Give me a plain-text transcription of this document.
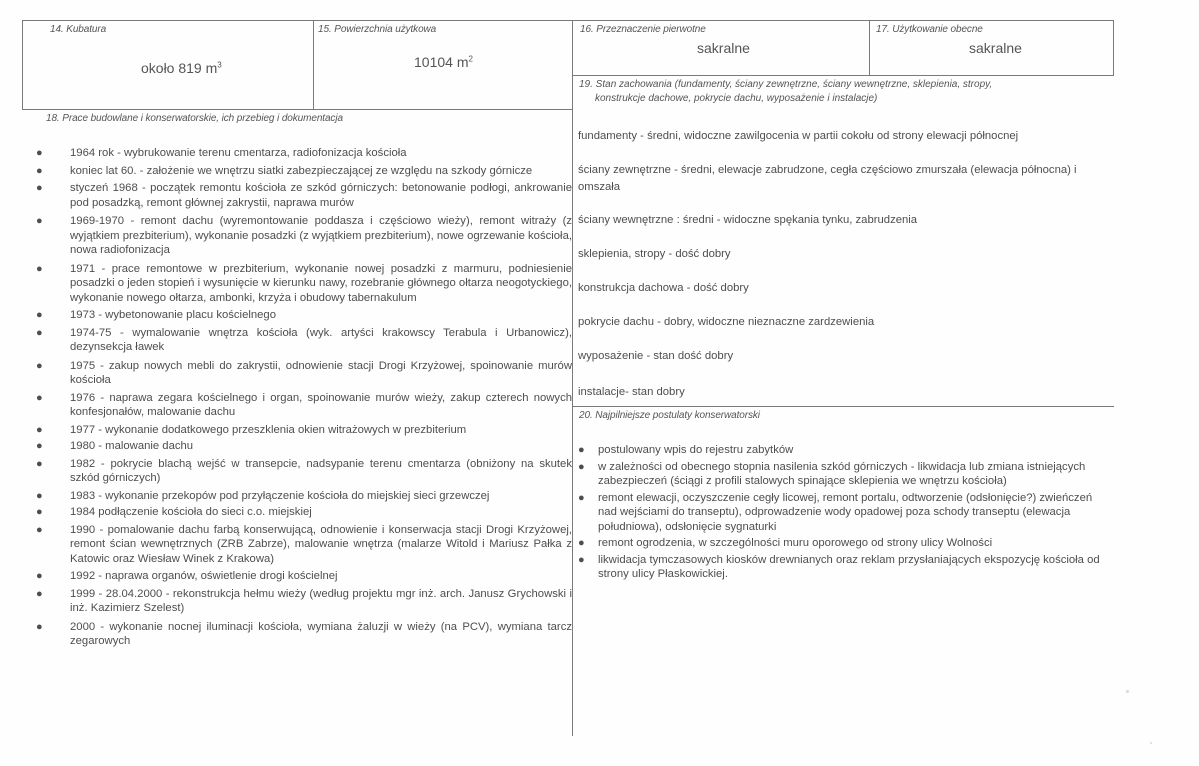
14. Kubatura
około 819 $m^3$
15. Powierzchnia użytkowa
10104 $m^2$
16. Przeznaczenie pierwotne
sakralne
17. Użytkowanie obecne
sakralne
18. Prace budowlane i konserwatorskie, ich przebieg i dokumentacja
● 1964 rok - wybrukowanie terenu cmentarza, radiofonizacja kościoła
● koniec lat 60. - założenie we wnętrzu siatki zabezpieczającej ze względu na szkody górnicze
● styczeń 1968 - początek remontu kościoła ze szkód górniczych: betonowanie podłogi, ankrowanie pod posadzką, remont głównej zakrystii, naprawa murów
● 1969-1970 - remont dachu (wyremontowanie poddasza i częściowo wieży), remont witraży (z wyjątkiem prezbiterium), wykonanie posadzki (z wyjątkiem prezbiterium), nowe ogrzewanie kościoła, nowa radiofonizacja
● 1971 - prace remontowe w prezbiterium, wykonanie nowej posadzki z marmuru, podniesienie posadzki o jeden stopień i wysunięcie w kierunku nawy, rozebranie głównego ołtarza neogotyckiego, wykonanie nowego ołtarza, ambonki, krzyża i obudowy tabernakulum
● 1973 - wybetonowanie placu kościelnego
● 1974-75 - wymalowanie wnętrza kościoła (wyk. artyści krakowscy Terabula i Urbanowicz), dezynsekcja ławek
● 1975 - zakup nowych mebli do zakrystii, odnowienie stacji Drogi Krzyżowej, spoinowanie murów kościoła
● 1976 - naprawa zegara kościelnego i organ, spoinowanie murów wieży, zakup czterech nowych konfesjonałów, malowanie dachu
● 1977 - wykonanie dodatkowego przeszklenia okien witrażowych w prezbiterium
● 1980 - malowanie dachu
● 1982 - pokrycie blachą wejść w transepcie, nadsypanie terenu cmentarza (obniżony na skutek szkód górniczych)
● 1983 - wykonanie przekopów pod przyłączenie kościoła do miejskiej sieci grzewczej
● 1984 podłączenie kościoła do sieci c.o. miejskiej
● 1990 - pomalowanie dachu farbą konserwującą, odnowienie i konserwacja stacji Drogi Krzyżowej, remont ścian wewnętrznych (ZRB Zabrze), malowanie wnętrza (malarze Witold i Mariusz Pałka z Katowic oraz Wiesław Winek z Krakowa)
● 1992 - naprawa organów, oświetlenie drogi kościelnej
● 1999 - 28.04.2000 - rekonstrukcja hełmu wieży (według projektu mgr inż. arch. Janusz Grychowski i inż. Kazimierz Szelest)
● 2000 - wykonanie nocnej iluminacji kościoła, wymiana żaluzji w wieży (na PCV), wymiana tarcz zegarowych
19. Stan zachowania (fundamenty, ściany zewnętrzne, ściany wewnętrzne, sklepienia, stropy,
konstrukcje dachowe, pokrycie dachu, wyposażenie i instalacje)
fundamenty - średni, widoczne zawilgocenia w partii cokołu od strony elewacji północnej
ściany zewnętrzne - średni, elewacje zabrudzone, cegła częściowo zmurszała (elewacja północna) i omszała
ściany wewnętrzne : średni - widoczne spękania tynku, zabrudzenia
sklepienia, stropy - dość dobry
konstrukcja dachowa - dość dobry
pokrycie dachu - dobry, widoczne nieznaczne zardzewienia
wyposażenie - stan dość dobry
instalacje- stan dobry
20. Najpilniejsze postulaty konserwatorski
● postulowany wpis do rejestru zabytków
● w zależności od obecnego stopnia nasilenia szkód górniczych - likwidacja lub zmiana istniejących zabezpieczeń (ściągi z profili stalowych spinające sklepienia we wnętrzu kościoła)
● remont elewacji, oczyszczenie cegły licowej, remont portalu, odtworzenie (odsłonięcie?) zwieńczeń nad wejściami do transeptu), odprowadzenie wody opadowej poza schody transeptu (elewacja południowa), odsłonięcie sygnaturki
● remont ogrodzenia, w szczególności muru oporowego od strony ulicy Wolności
● likwidacja tymczasowych kiosków drewnianych oraz reklam przysłaniających ekspozycję kościoła od strony ulicy Płaskowickiej.
